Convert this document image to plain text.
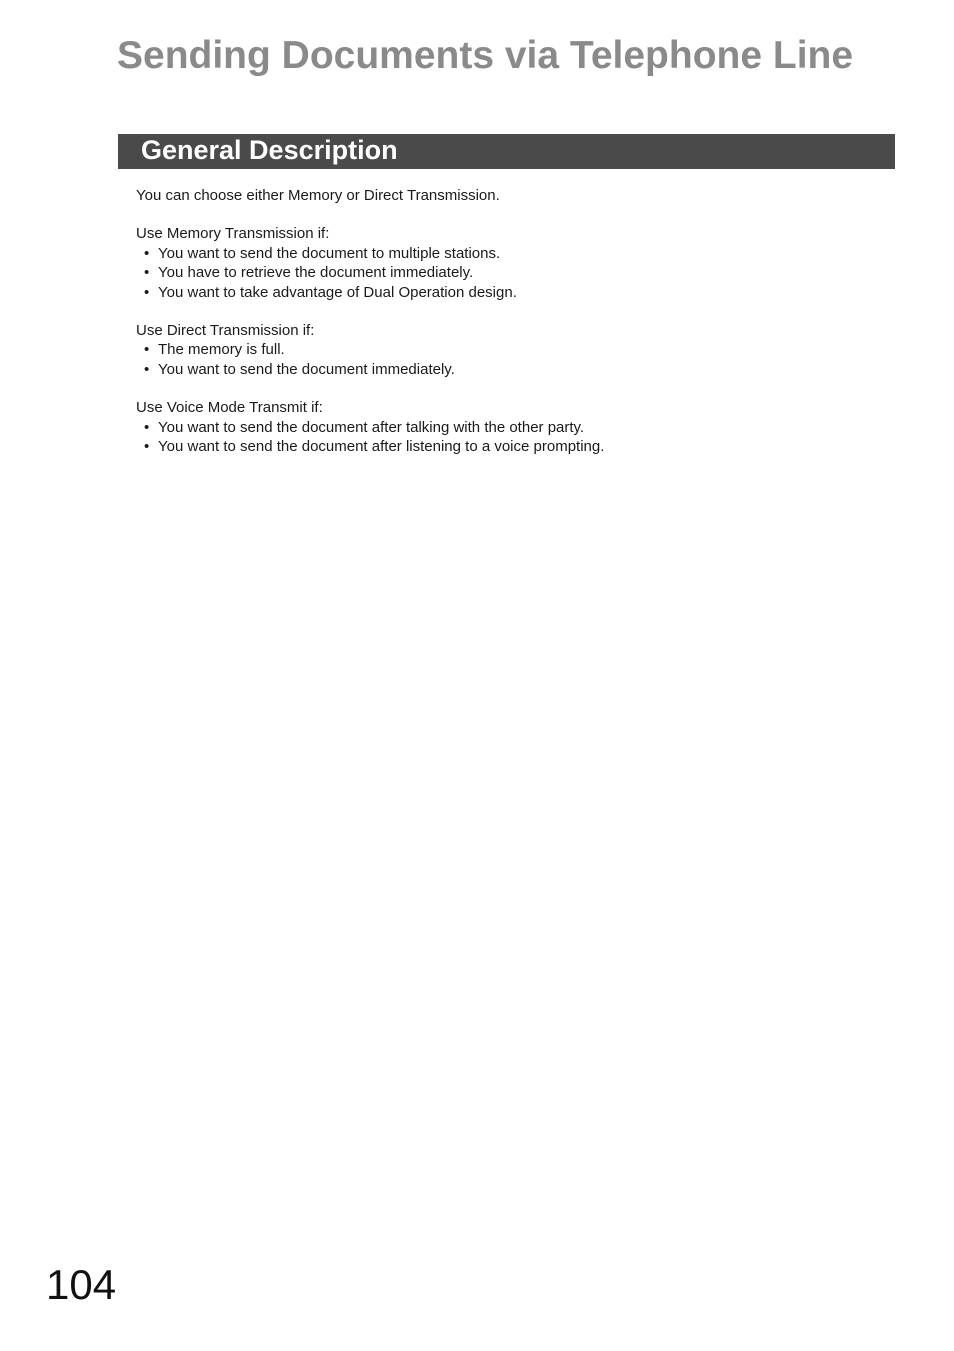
Sending Documents via Telephone Line
General Description

You can choose either Memory or Direct Transmission.

Use Memory Transmission if:

• You want to send the document to multiple stations.
• You have to retrieve the document immediately.
• You want to take advantage of Dual Operation design.

Use Direct Transmission if:

• The memory is full.
• You want to send the document immediately.

Use Voice Mode Transmit if:

• You want to send the document after talking with the other party.
• You want to send the document after listening to a voice prompting.
104
